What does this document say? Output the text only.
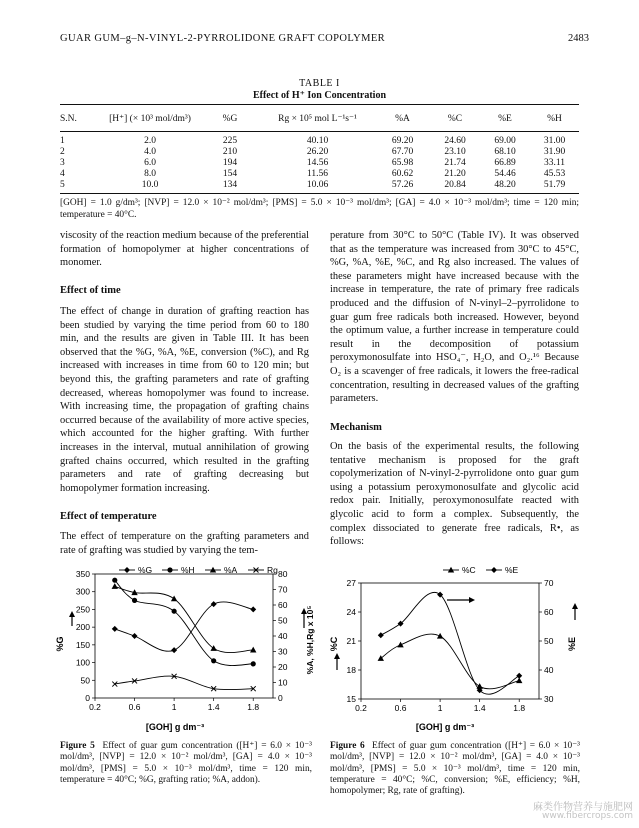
GUAR GUM–g–N-VINYL-2-PYRROLIDONE GRAFT COPOLYMER	2483
TABLE I
Effect of H⁺ Ion Concentration
S.N.	[H⁺] (× 10³ mol/dm³)	%G	Rg × 10⁵ mol L⁻¹s⁻¹	%A	%C	%E	%H

1	2.0	225	40.10	69.20	24.60	69.00	31.00
2	4.0	210	26.20	67.70	23.10	68.10	31.90
3	6.0	194	14.56	65.98	21.74	66.89	33.11
4	8.0	154	11.56	60.62	21.20	54.46	45.53
5	10.0	134	10.06	57.26	20.84	48.20	51.79
[GOH] = 1.0 g/dm³; [NVP] = 12.0 × 10⁻² mol/dm³; [PMS] = 5.0 × 10⁻³ mol/dm³; [GA] = 4.0 × 10⁻³ mol/dm³; time = 120 min; temperature = 40°C.
viscosity of the reaction medium because of the preferential formation of homopolymer at higher concentrations of monomer.
Effect of time
The effect of change in duration of grafting reaction has been studied by varying the time period from 60 to 180 min, and the results are given in Table III. It has been observed that the %G, %A, %E, conversion (%C), and Rg increased with increases in time from 60 to 120 min; but beyond this, the grafting parameters and rate of grafting decreased, whereas homopolymer was found to increase. With increasing time, the propagation of grafting chains occurred because of the availability of more active species, which accounted for the higher grafting. With further increases in the interval, mutual annihilation of growing grafted chains occurred, which resulted in the grafting parameters and rate of grafting decreasing but homopolymer formation increasing.
Effect of temperature
The effect of temperature on the grafting parameters and rate of grafting was studied by varying the tem-
perature from 30°C to 50°C (Table IV). It was observed that as the temperature was increased from 30°C to 45°C, %G, %A, %E, %C, and Rg also increased. The values of these parameters might have increased because with the increase in temperature, the rate of primary free radicals produced and the diffusion of N-vinyl–2–pyrrolidone to guar gum free radicals both increased. However, beyond the optimum value, a further increase in temperature could result in the decomposition of potassium peroxymonosulfate into HSO₄⁻, H₂O, and O₂.¹⁶ Because O₂ is a scavenger of free radicals, it lowers the free-radical concentration, resulting in decreased values of the grafting parameters.
Mechanism
On the basis of the experimental results, the following tentative mechanism is proposed for the graft copolymerization of N-vinyl-2-pyrrolidone onto guar gum using a potassium peroxymonosulfate and glycolic acid redox pair. Initially, peroxymonosulfate reacted with glycolic acid to form a complex. Subsequently, the complex dissociated to generate free radicals, R•, as follows:
%G	%H	%A	Rg
0.2	0.6	1	1.4	1.8
0
50
100
150
200
250
300
350
0
10
20
30
40
50
60
70
80
[GOH] g dm⁻³
%G	%A, %H,Rg x 10⁵
Figure 5 Effect of guar gum concentration ([H⁺] = 6.0 × 10⁻³ mol/dm³, [NVP] = 12.0 × 10⁻² mol/dm³, [GA] = 4.0 × 10⁻³ mol/dm³, [PMS] = 5.0 × 10⁻³ mol/dm³, time = 120 min, temperature = 40°C; %G, grafting ratio; %A, addon).
%C	%E
0.2	0.6	1	1.4	1.8
15
18
21
24
27
30
40
50
60
70
[GOH] g dm⁻³
%C	%E
Figure 6 Effect of guar gum concentration ([H⁺] = 6.0 × 10⁻³ mol/dm³, [NVP] = 12.0 × 10⁻² mol/dm³, [GA] = 4.0 × 10⁻³ mol/dm³, [PMS] = 5.0 × 10⁻³ mol/dm³, time = 120 min, temperature = 40°C; %C, conversion; %E, efficiency; %H, homopolymer; Rg, rate of grafting).
麻类作物营养与施肥网
www.fibercrops.com
